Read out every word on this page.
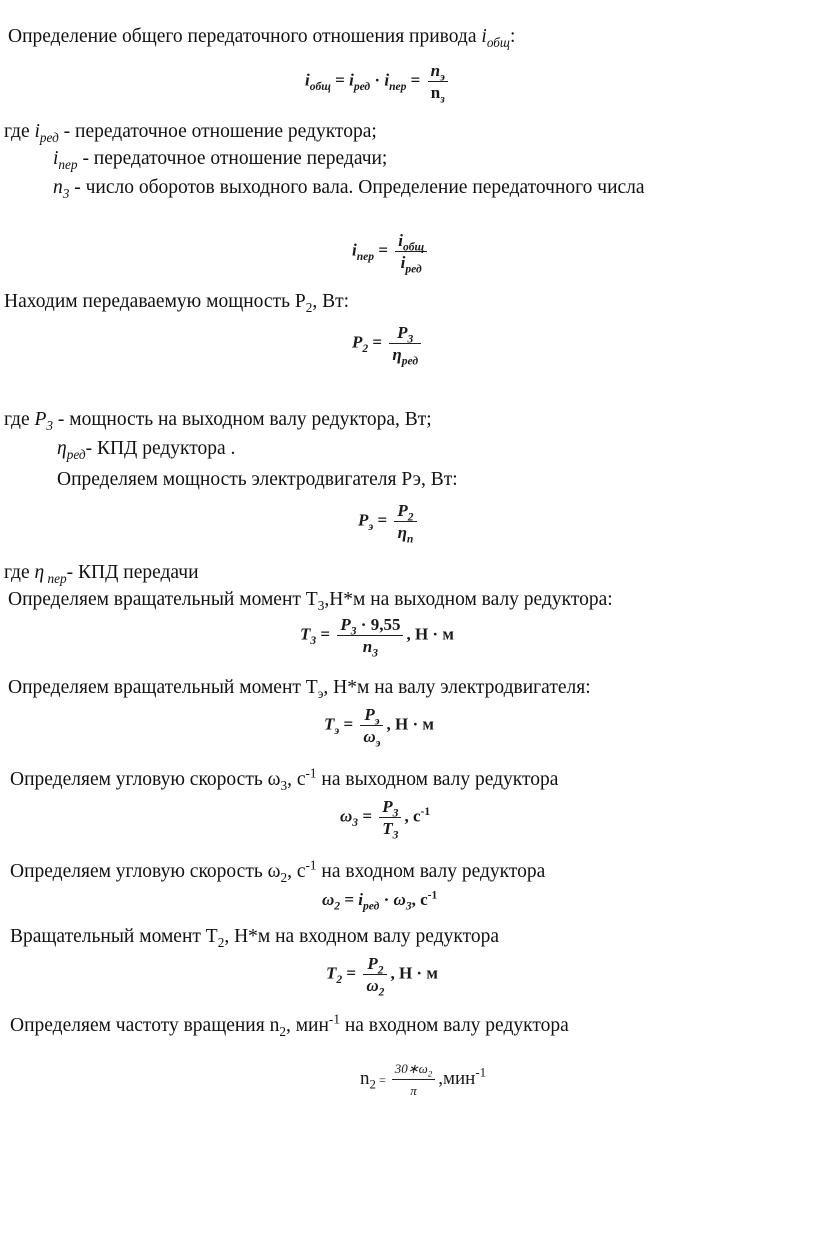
Определение общего передаточного отношения привода $i_{общ}$:
$i_{общ} = i_{ред} \cdot i_{пер} = n_э$
$n_з$
где $i_{ред}$ - передаточное отношение редуктора;
$i_{пер}$ - передаточное отношение передачи;
$n_3$ - число оборотов выходного вала. Определение передаточного числа
$i_{пер} = i_{общ}$
$i_{ред}$
Находим передаваемую мощность $Р_2$, Вт:
$P_2 = P_3$
$\eta_{ред}$
где $Р_3$ - мощность на выходном валу редуктора, Вт;
$\eta_{ред}-$ КПД редуктора .
Определяем мощность электродвигателя Рэ, Вт:
$P_э = P_2$
$\eta_п$
где η $_{пер}$- КПД передачи
Определяем вращательный момент $Т_3,Н*м$ на выходном валу редуктора:
$T_3 = \frac{P_3 \cdot 9,55}{n_3}$ , Н · м
Определяем вращательный момент $Т_э$, Н*м на валу электродвигателя:
$T_э = P_э$
$\omega_э$
, Н · м
Определяем угловую скорость $\omega_3$, $с^{-1}$ на выходном валу редуктора
$\omega_3 = \frac{P_3}{T_3}$ , $c^{-1}$
Определяем угловую скорость $\omega_2$, $с^{-1}$ на входном валу редуктора
$\omega_2 = i_{ред} \cdot \omega_3$, $c^{-1}$
Вращательный момент $Т_2$, Н*м на входном валу редуктора
$T_2 = \frac{P_2}{\omega_2}$ , Н · м
Определяем частоту вращения $n_2$, мин$^{-1}$ на входном валу редуктора
$n_2 = \frac{30∗\omega_2}{\pi} ,мин^{-1}$
